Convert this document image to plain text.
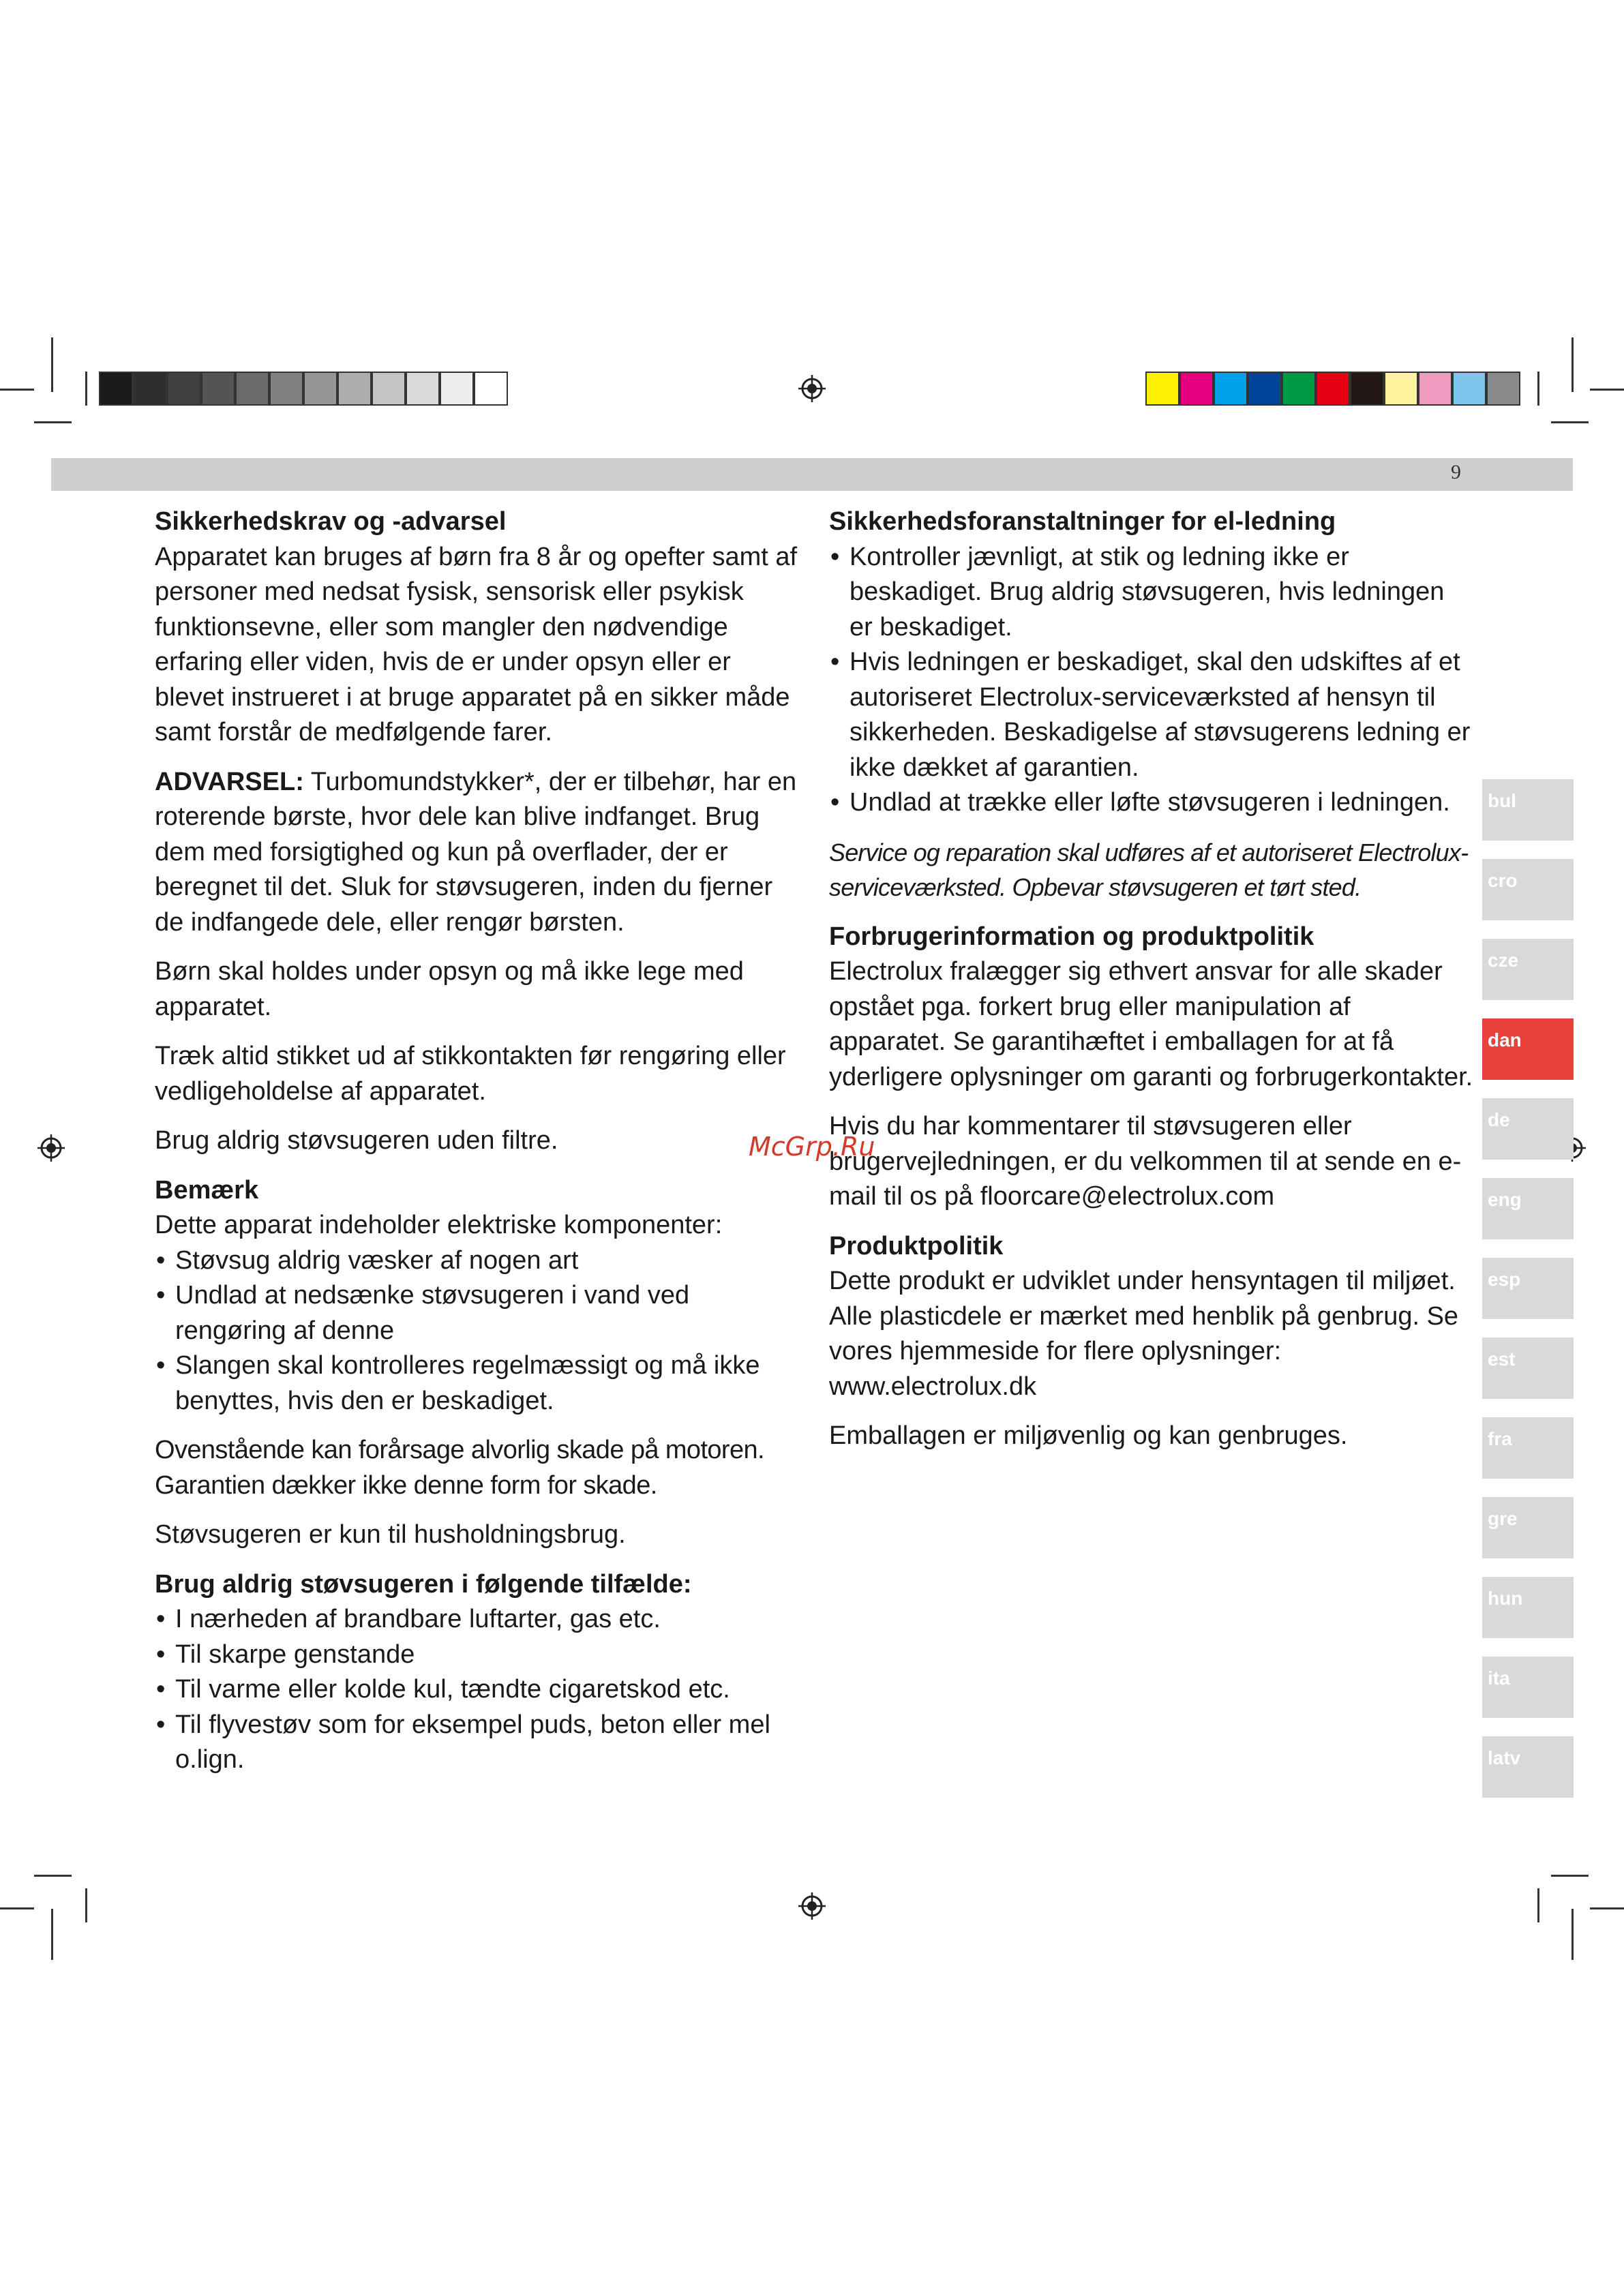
9
Sikkerhedskrav og -advarsel

Apparatet kan bruges af børn fra 8 år og opefter samt af personer med nedsat fysisk, sensorisk eller psykisk funktionsevne, eller som mangler den nødvendige erfaring eller viden, hvis de er under opsyn eller er blevet instrueret i at bruge apparatet på en sikker måde samt forstår de medfølgende farer.

ADVARSEL: Turbomundstykker*, der er tilbehør, har en roterende børste, hvor dele kan blive indfanget. Brug dem med forsigtighed og kun på overflader, der er beregnet til det. Sluk for støvsugeren, inden du fjerner de indfangede dele, eller rengør børsten.

Børn skal holdes under opsyn og må ikke lege med apparatet.

Træk altid stikket ud af stikkontakten før rengøring eller vedligeholdelse af apparatet.

Brug aldrig støvsugeren uden filtre.

Bemærk
Dette apparat indeholder elektriske komponenter:
• Støvsug aldrig væsker af nogen art
• Undlad at nedsænke støvsugeren i vand ved rengøring af denne
• Slangen skal kontrolleres regelmæssigt og må ikke benyttes, hvis den er beskadiget.

Ovenstående kan forårsage alvorlig skade på motoren. Garantien dækker ikke denne form for skade.

Støvsugeren er kun til husholdningsbrug.

Brug aldrig støvsugeren i følgende tilfælde:
• I nærheden af brandbare luftarter, gas etc.
• Til skarpe genstande
• Til varme eller kolde kul, tændte cigaretskod etc.
• Til flyvestøv som for eksempel puds, beton eller mel o.lign.
Sikkerhedsforanstaltninger for el-ledning
• Kontroller jævnligt, at stik og ledning ikke er beskadiget. Brug aldrig støvsugeren, hvis ledningen er beskadiget.
• Hvis ledningen er beskadiget, skal den udskiftes af et autoriseret Electrolux-serviceværksted af hensyn til sikkerheden. Beskadigelse af støvsugerens ledning er ikke dækket af garantien.
• Undlad at trække eller løfte støvsugeren i ledningen.

Service og reparation skal udføres af et autoriseret Electrolux-serviceværksted. Opbevar støvsugeren et tørt sted.

Forbrugerinformation og produktpolitik

Electrolux fralægger sig ethvert ansvar for alle skader opstået pga. forkert brug eller manipulation af apparatet. Se garantihæftet i emballagen for at få yderligere oplysninger om garanti og forbrugerkontakter.

Hvis du har kommentarer til støvsugeren eller brugervejledningen, er du velkommen til at sende en e-mail til os på floorcare@electrolux.com

Produktpolitik

Dette produkt er udviklet under hensyntagen til miljøet. Alle plasticdele er mærket med henblik på genbrug. Se vores hjemmeside for flere oplysninger: www.electrolux.dk

Emballagen er miljøvenlig og kan genbruges.

McGrp.Ru
bul
cro
cze
dan
de
eng
esp
est
fra
gre
hun
ita
latv
